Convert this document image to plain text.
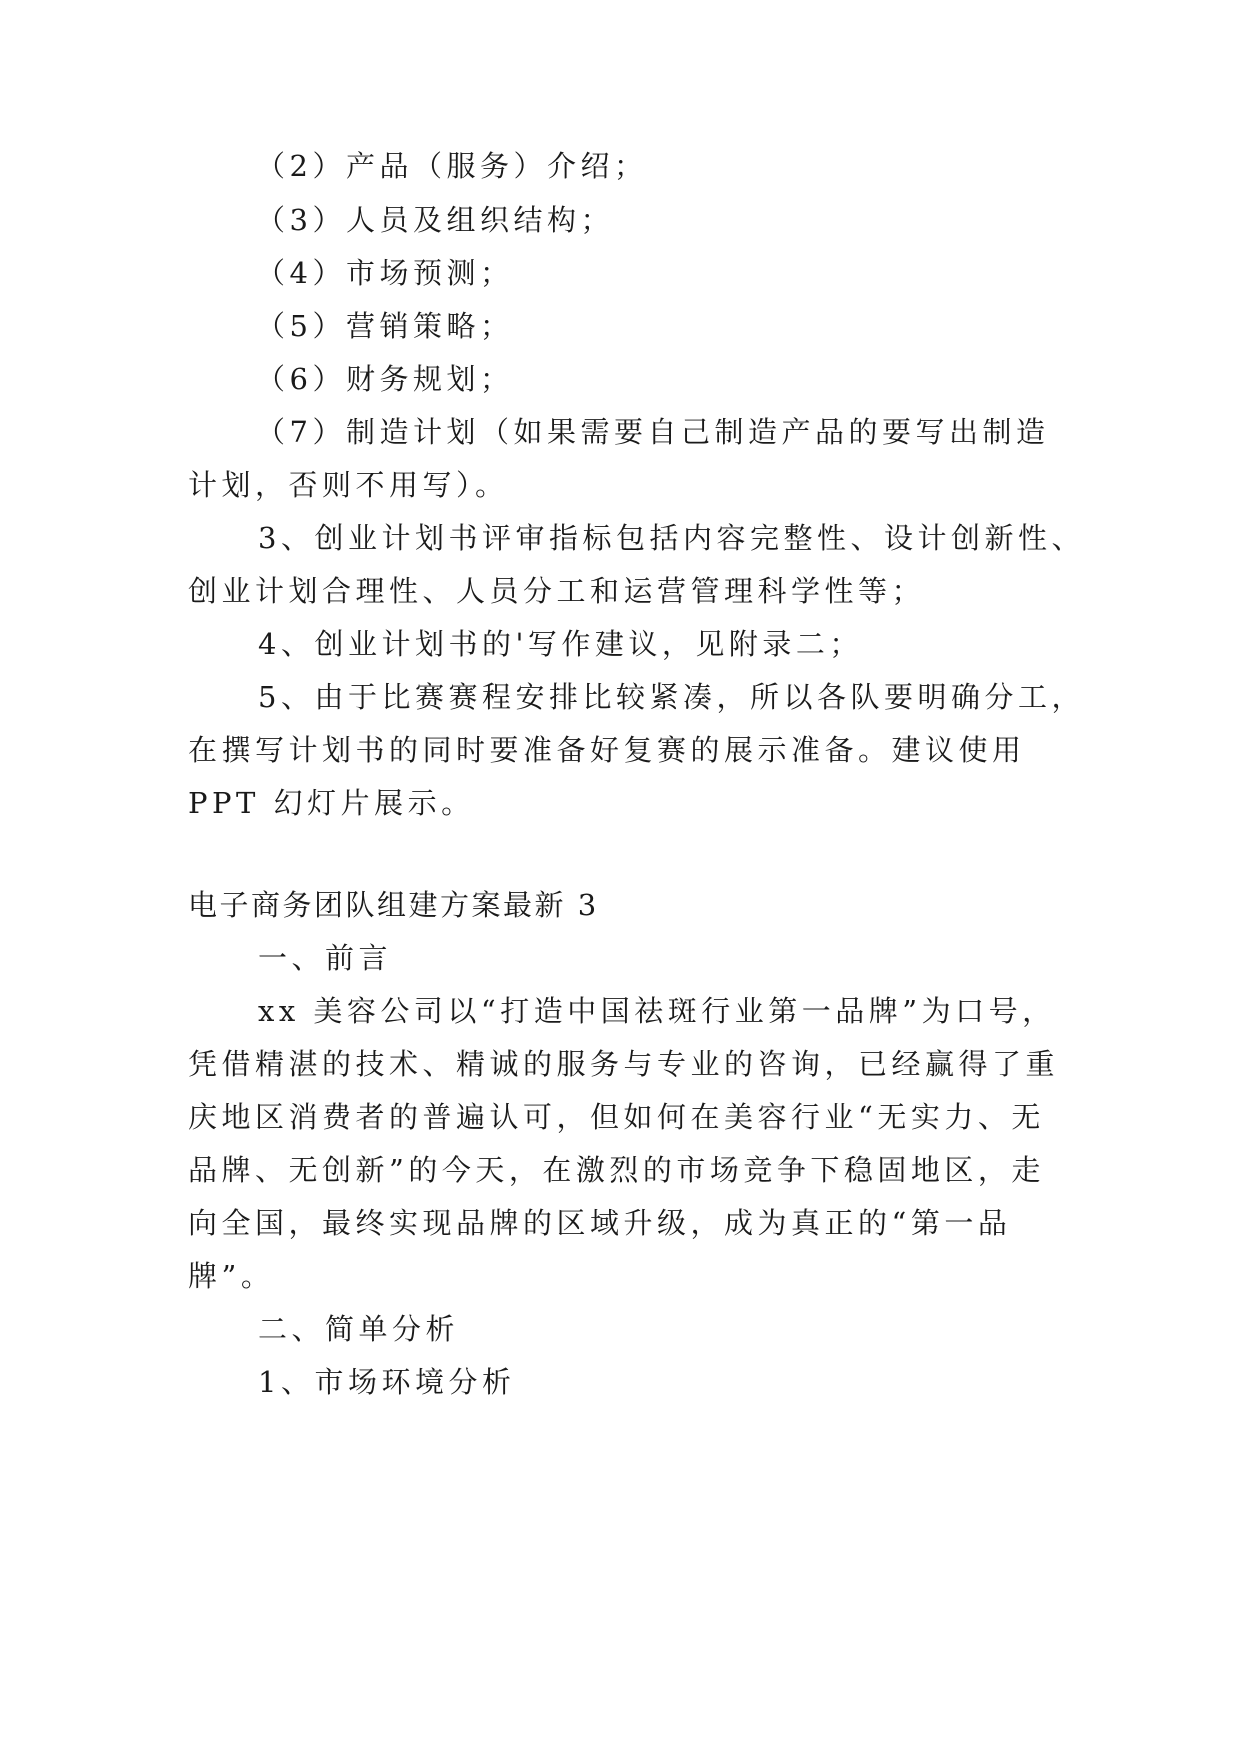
（2）产品（服务）介绍；

（3）人员及组织结构；

（4）市场预测；

（5）营销策略；

（6）财务规划；

（7）制造计划（如果需要自己制造产品的要写出制造

计划，否则不用写）。

3、创业计划书评审指标包括内容完整性、设计创新性、

创业计划合理性、人员分工和运营管理科学性等；

4、创业计划书的'写作建议，见附录二；

5、由于比赛赛程安排比较紧凑，所以各队要明确分工，

在撰写计划书的同时要准备好复赛的展示准备。建议使用

PPT 幻灯片展示。

电子商务团队组建方案最新 3

一、前言

xx 美容公司以“打造中国祛斑行业第一品牌”为口号，

凭借精湛的技术、精诚的服务与专业的咨询，已经赢得了重

庆地区消费者的普遍认可，但如何在美容行业“无实力、无

品牌、无创新”的今天，在激烈的市场竞争下稳固地区，走

向全国，最终实现品牌的区域升级，成为真正的“第一品

牌”。

二、简单分析

1、市场环境分析
